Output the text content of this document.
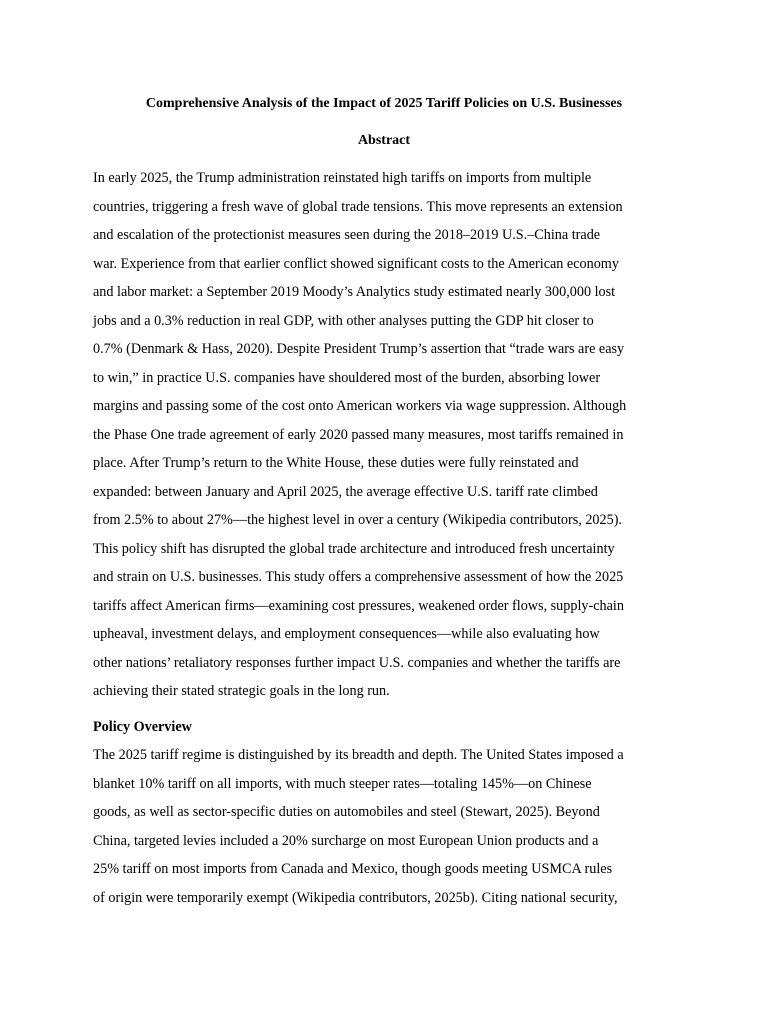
Comprehensive Analysis of the Impact of 2025 Tariff Policies on U.S. Businesses
Abstract

In early 2025, the Trump administration reinstated high tariffs on imports from multiple
countries, triggering a fresh wave of global trade tensions. This move represents an extension
and escalation of the protectionist measures seen during the 2018–2019 U.S.–China trade
war. Experience from that earlier conflict showed significant costs to the American economy
and labor market: a September 2019 Moody’s Analytics study estimated nearly 300,000 lost
jobs and a 0.3% reduction in real GDP, with other analyses putting the GDP hit closer to
0.7% (Denmark & Hass, 2020). Despite President Trump’s assertion that “trade wars are easy
to win,” in practice U.S. companies have shouldered most of the burden, absorbing lower
margins and passing some of the cost onto American workers via wage suppression. Although
the Phase One trade agreement of early 2020 passed many measures, most tariffs remained in
place. After Trump’s return to the White House, these duties were fully reinstated and
expanded: between January and April 2025, the average effective U.S. tariff rate climbed
from 2.5% to about 27%—the highest level in over a century (Wikipedia contributors, 2025).
This policy shift has disrupted the global trade architecture and introduced fresh uncertainty
and strain on U.S. businesses. This study offers a comprehensive assessment of how the 2025
tariffs affect American firms—examining cost pressures, weakened order flows, supply-chain
upheaval, investment delays, and employment consequences—while also evaluating how
other nations’ retaliatory responses further impact U.S. companies and whether the tariffs are
achieving their stated strategic goals in the long run.

Policy Overview

The 2025 tariff regime is distinguished by its breadth and depth. The United States imposed a
blanket 10% tariff on all imports, with much steeper rates—totaling 145%—on Chinese
goods, as well as sector-specific duties on automobiles and steel (Stewart, 2025). Beyond
China, targeted levies included a 20% surcharge on most European Union products and a
25% tariff on most imports from Canada and Mexico, though goods meeting USMCA rules
of origin were temporarily exempt (Wikipedia contributors, 2025b). Citing national security,
